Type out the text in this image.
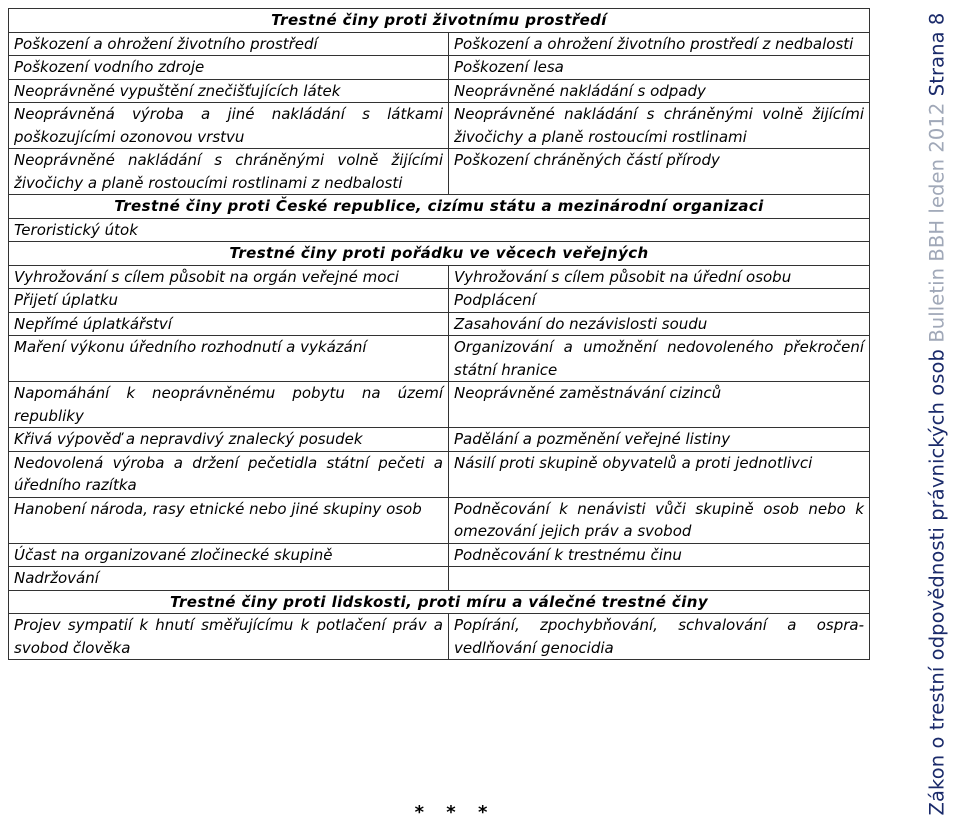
Trestné činy proti životnímu prostředí	
Poškození a ohrožení životního prostředí	Poškození a ohrožení životního prostředí z nedbalosti
Poškození vodního zdroje	Poškození lesa
Neoprávněné vypuštění znečišťujících látek	Neoprávněné nakládání s odpady
Neoprávněná výroba a jiné nakládání s látkami poškozujícími ozonovou vrstvu	Neoprávněné nakládání s chráněnými volně žijícími živočichy a planě rostoucími rostlinami
Neoprávněné nakládání s chráněnými volně žijícími živočichy a planě rostoucími rostlinami z nedbalosti	Poškození chráněných částí přírody
Trestné činy proti České republice, cizímu státu a mezinárodní organizaci	
Teroristický útok	
Trestné činy proti pořádku ve věcech veřejných	
Vyhrožování s cílem působit na orgán veřejné moci	Vyhrožování s cílem působit na úřední osobu
Přijetí úplatku	Podplácení
Nepřímé úplatkářství	Zasahování do nezávislosti soudu
Maření výkonu úředního rozhodnutí a vykázání	Organizování a umožnění nedovoleného překročení státní hranice
Napomáhání k neoprávněnému pobytu na území republiky	Neoprávněné zaměstnávání cizinců
Křivá výpověď a nepravdivý znalecký posudek	Padělání a pozměnění veřejné listiny
Nedovolená výroba a držení pečetidla státní pečeti a úředního razítka	Násilí proti skupině obyvatelů a proti jednotlivci
Hanobení národa, rasy etnické nebo jiné skupiny osob	Podněcování k nenávisti vůči skupině osob nebo k omezování jejich práv a svobod
Účast na organizované zločinecké skupině	Podněcování k trestnému činu
Nadržování	
Trestné činy proti lidskosti, proti míru a válečné trestné činy	
Projev sympatií k hnutí směřujícímu k potlačení práv a svobod člověka	Popírání, zpochybňování, schvalování a ospravedlňování genocidia
* * *	Zákon o trestní odpovědnosti právnických osob Bulletin BBH leden 2012 Strana 8
